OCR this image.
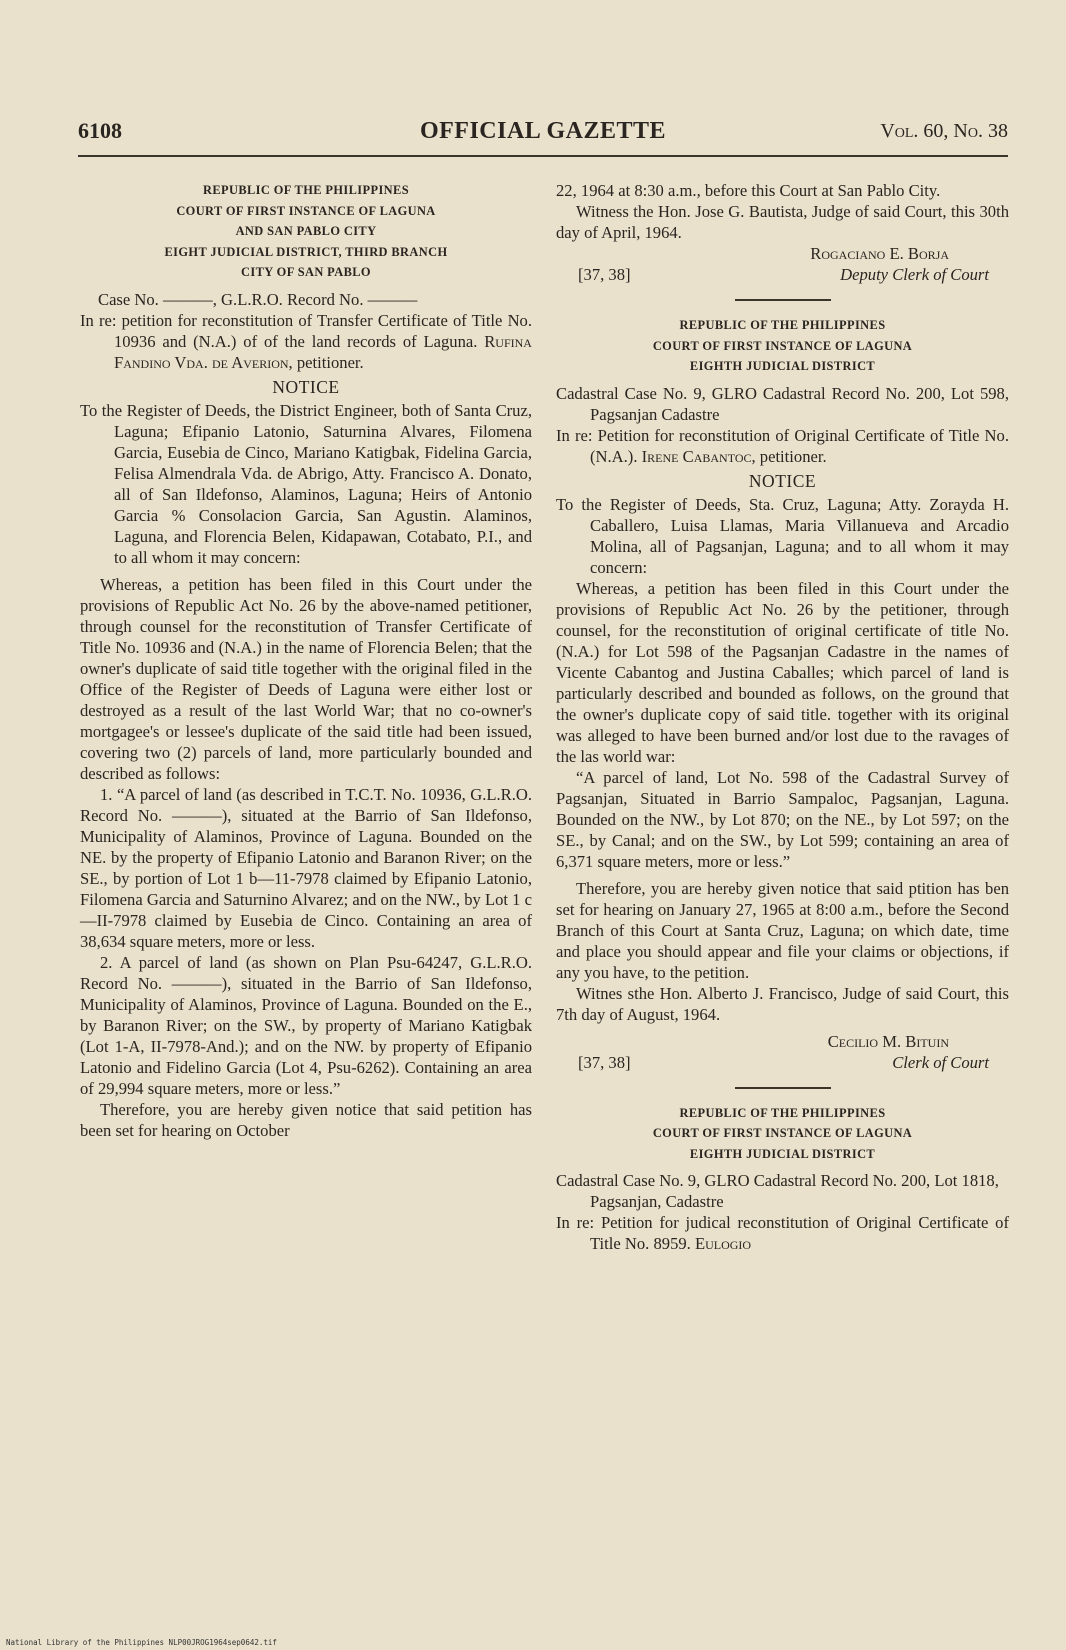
6108	OFFICIAL GAZETTE	Vol. 60, No. 38
REPUBLIC OF THE PHILIPPINES
COURT OF FIRST INSTANCE OF LAGUNA
AND SAN PABLO CITY
EIGHT JUDICIAL DISTRICT, THIRD BRANCH
CITY OF SAN PABLO

Case No. ———, G.L.R.O. Record No. ———

In re: petition for reconstitution of Transfer Certificate of Title No. 10936 and (N.A.) of of the land records of Laguna. Rufina Fandino Vda. de Averion, petitioner.

NOTICE

To the Register of Deeds, the District Engineer, both of Santa Cruz, Laguna; Efipanio Latonio, Saturnina Alvares, Filomena Garcia, Eusebia de Cinco, Mariano Katigbak, Fidelina Garcia, Felisa Almendrala Vda. de Abrigo, Atty. Francisco A. Donato, all of San Ildefonso, Alaminos, Laguna; Heirs of Antonio Garcia % Consolacion Garcia, San Agustin. Alaminos, Laguna, and Florencia Belen, Kidapawan, Cotabato, P.I., and to all whom it may concern:

Whereas, a petition has been filed in this Court under the provisions of Republic Act No. 26 by the above-named petitioner, through counsel for the reconstitution of Transfer Certificate of Title No. 10936 and (N.A.) in the name of Florencia Belen; that the owner's duplicate of said title together with the original filed in the Office of the Register of Deeds of Laguna were either lost or destroyed as a result of the last World War; that no co-owner's mortgagee's or lessee's duplicate of the said title had been issued, covering two (2) parcels of land, more particularly bounded and described as follows:

1. “A parcel of land (as described in T.C.T. No. 10936, G.L.R.O. Record No. ———), situated at the Barrio of San Ildefonso, Municipality of Alaminos, Province of Laguna. Bounded on the NE. by the property of Efipanio Latonio and Baranon River; on the SE., by portion of Lot 1 b—11-7978 claimed by Efipanio Latonio, Filomena Garcia and Saturnino Alvarez; and on the NW., by Lot 1 c—II-7978 claimed by Eusebia de Cinco. Containing an area of 38,634 square meters, more or less.

2. A parcel of land (as shown on Plan Psu-64247, G.L.R.O. Record No. ———), situated in the Barrio of San Ildefonso, Municipality of Alaminos, Province of Laguna. Bounded on the E., by Baranon River; on the SW., by property of Mariano Katigbak (Lot 1-A, II-7978-And.); and on the NW. by property of Efipanio Latonio and Fidelino Garcia (Lot 4, Psu-6262). Containing an area of 29,994 square meters, more or less.”

Therefore, you are hereby given notice that said petition has been set for hearing on October

22, 1964 at 8:30 a.m., before this Court at San Pablo City.

Witness the Hon. Jose G. Bautista, Judge of said Court, this 30th day of April, 1964.

Rogaciano E. Borja
[37, 38]	Deputy Clerk of Court
REPUBLIC OF THE PHILIPPINES
COURT OF FIRST INSTANCE OF LAGUNA
EIGHTH JUDICIAL DISTRICT

Cadastral Case No. 9, GLRO Cadastral Record No. 200, Lot 598, Pagsanjan Cadastre

In re: Petition for reconstitution of Original Certificate of Title No. (N.A.). Irene Cabantoc, petitioner.

NOTICE

To the Register of Deeds, Sta. Cruz, Laguna; Atty. Zorayda H. Caballero, Luisa Llamas, Maria Villanueva and Arcadio Molina, all of Pagsanjan, Laguna; and to all whom it may concern:

Whereas, a petition has been filed in this Court under the provisions of Republic Act No. 26 by the petitioner, through counsel, for the reconstitution of original certificate of title No. (N.A.) for Lot 598 of the Pagsanjan Cadastre in the names of Vicente Cabantog and Justina Caballes; which parcel of land is particularly described and bounded as follows, on the ground that the owner's duplicate copy of said title. together with its original was alleged to have been burned and/or lost due to the ravages of the las world war:

“A parcel of land, Lot No. 598 of the Cadastral Survey of Pagsanjan, Situated in Barrio Sampaloc, Pagsanjan, Laguna. Bounded on the NW., by Lot 870; on the NE., by Lot 597; on the SE., by Canal; and on the SW., by Lot 599; containing an area of 6,371 square meters, more or less.”

Therefore, you are hereby given notice that said ptition has ben set for hearing on January 27, 1965 at 8:00 a.m., before the Second Branch of this Court at Santa Cruz, Laguna; on which date, time and place you should appear and file your claims or objections, if any you have, to the petition.

Witnes sthe Hon. Alberto J. Francisco, Judge of said Court, this 7th day of August, 1964.

Cecilio M. Bituin
[37, 38]	Clerk of Court
REPUBLIC OF THE PHILIPPINES
COURT OF FIRST INSTANCE OF LAGUNA
EIGHTH JUDICIAL DISTRICT

Cadastral Case No. 9, GLRO Cadastral Record No. 200, Lot 1818, Pagsanjan, Cadastre

In re: Petition for judical reconstitution of Original Certificate of Title No. 8959. Eulogio

National Library of the Philippines NLP00JROG1964sep0642.tif
